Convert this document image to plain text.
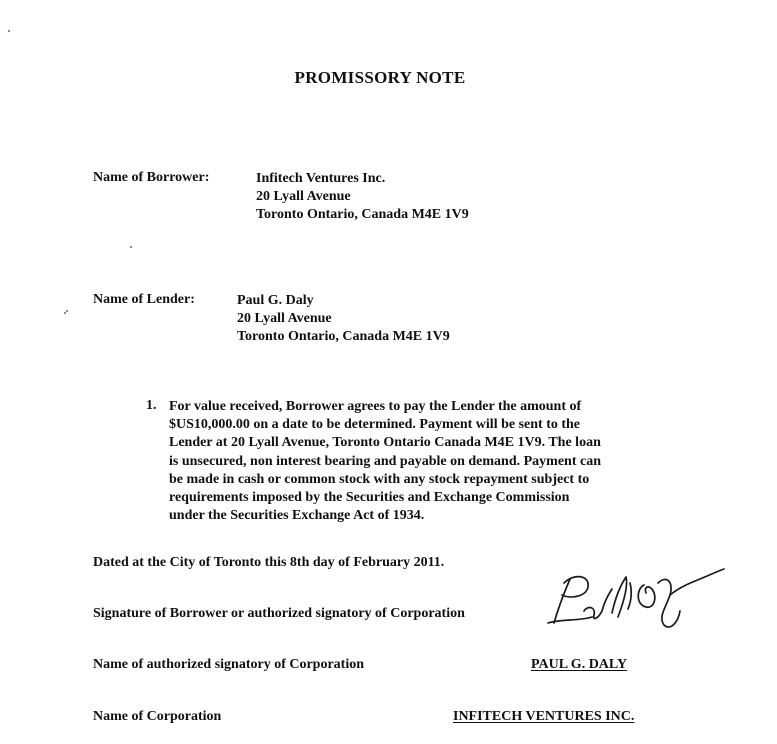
PROMISSORY NOTE
Name of Borrower:	Infitech Ventures Inc.
20 Lyall Avenue
Toronto Ontario, Canada M4E 1V9
Name of Lender:	Paul G. Daly
20 Lyall Avenue
Toronto Ontario, Canada M4E 1V9
1. For value received, Borrower agrees to pay the Lender the amount of
$US10,000.00 on a date to be determined. Payment will be sent to the
Lender at 20 Lyall Avenue, Toronto Ontario Canada M4E 1V9. The loan
is unsecured, non interest bearing and payable on demand. Payment can
be made in cash or common stock with any stock repayment subject to
requirements imposed by the Securities and Exchange Commission
under the Securities Exchange Act of 1934.
Dated at the City of Toronto this 8th day of February 2011.
Signature of Borrower or authorized signatory of Corporation
Name of authorized signatory of Corporation	PAUL G. DALY
Name of Corporation	INFITECH VENTURES INC.
